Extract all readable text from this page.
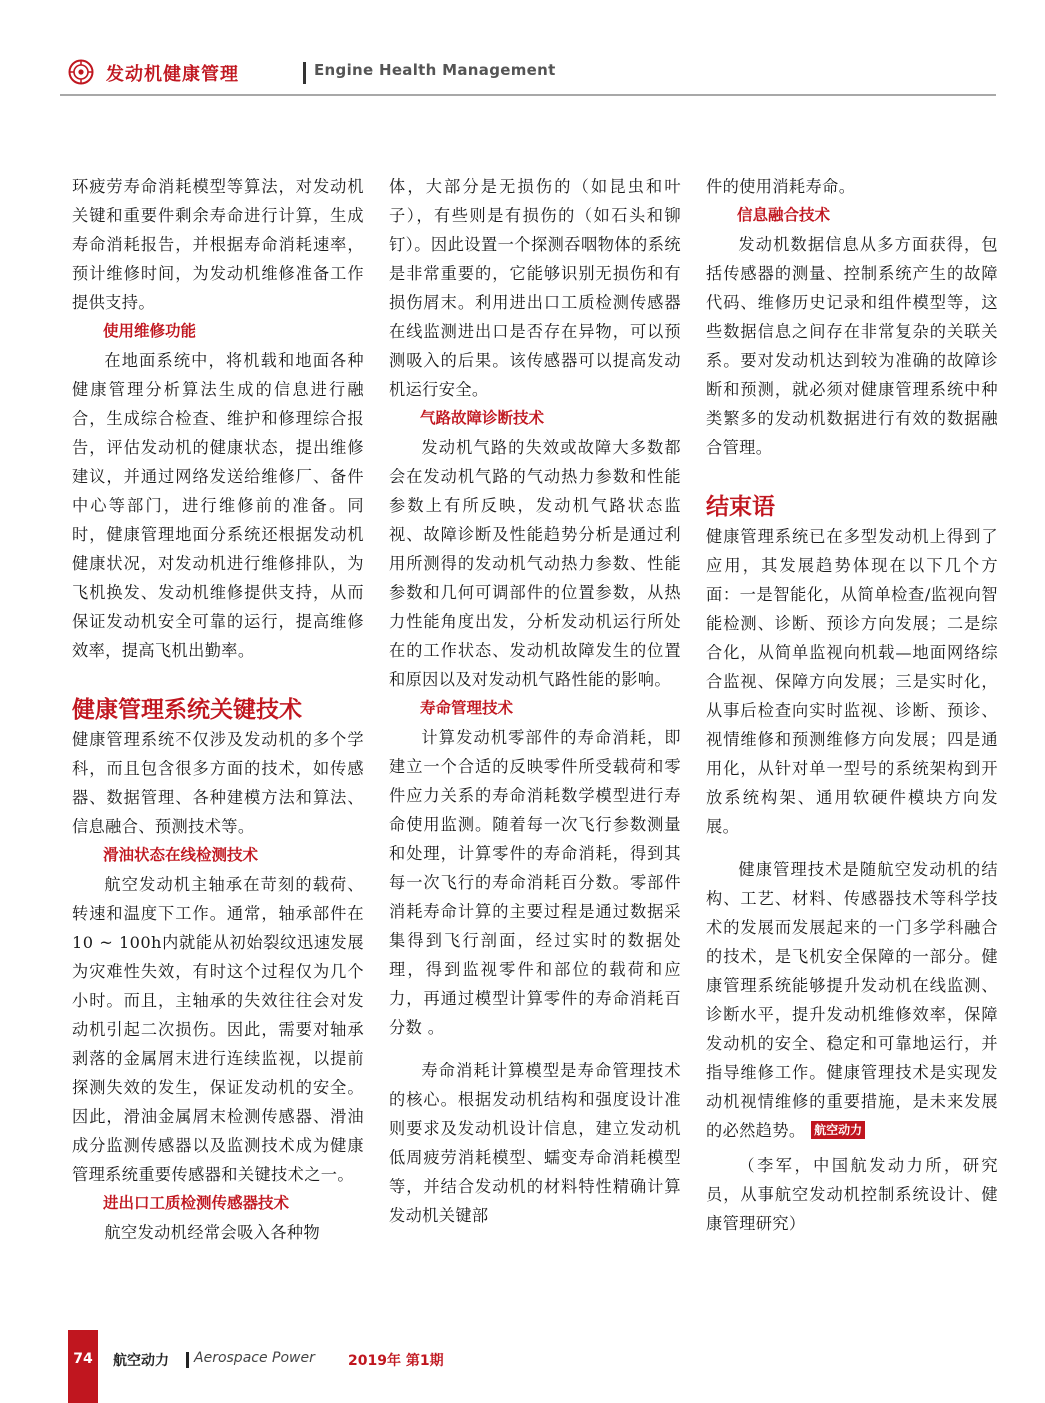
发动机健康管理	Engine Health Management

环疲劳寿命消耗模型等算法，对发动机关键和重要件剩余寿命进行计算，生成寿命消耗报告，并根据寿命消耗速率，预计维修时间，为发动机维修准备工作提供支持。

使用维修功能

在地面系统中，将机载和地面各种健康管理分析算法生成的信息进行融合，生成综合检查、维护和修理综合报告，评估发动机的健康状态，提出维修建议，并通过网络发送给维修厂、备件中心等部门，进行维修前的准备。同时，健康管理地面分系统还根据发动机健康状况，对发动机进行维修排队，为飞机换发、发动机维修提供支持，从而保证发动机安全可靠的运行，提高维修效率，提高飞机出勤率。

健康管理系统关键技术

健康管理系统不仅涉及发动机的多个学科，而且包含很多方面的技术，如传感器、数据管理、各种建模方法和算法、信息融合、预测技术等。

滑油状态在线检测技术

航空发动机主轴承在苛刻的载荷、转速和温度下工作。通常，轴承部件在10 ~ 100h内就能从初始裂纹迅速发展为灾难性失效，有时这个过程仅为几个小时。而且，主轴承的失效往往会对发动机引起二次损伤。因此，需要对轴承剥落的金属屑末进行连续监视，以提前探测失效的发生，保证发动机的安全。因此，滑油金属屑末检测传感器、滑油成分监测传感器以及监测技术成为健康管理系统重要传感器和关键技术之一。

进出口工质检测传感器技术

航空发动机经常会吸入各种物

体，大部分是无损伤的（如昆虫和叶子），有些则是有损伤的（如石头和铆钉）。因此设置一个探测吞咽物体的系统是非常重要的，它能够识别无损伤和有损伤屑末。利用进出口工质检测传感器在线监测进出口是否存在异物，可以预测吸入的后果。该传感器可以提高发动机运行安全。

气路故障诊断技术

发动机气路的失效或故障大多数都会在发动机气路的气动热力参数和性能参数上有所反映，发动机气路状态监视、故障诊断及性能趋势分析是通过利用所测得的发动机气动热力参数、性能参数和几何可调部件的位置参数，从热力性能角度出发，分析发动机运行所处在的工作状态、发动机故障发生的位置和原因以及对发动机气路性能的影响。

寿命管理技术

计算发动机零部件的寿命消耗，即建立一个合适的反映零件所受载荷和零件应力关系的寿命消耗数学模型进行寿命使用监测。随着每一次飞行参数测量和处理，计算零件的寿命消耗，得到其每一次飞行的寿命消耗百分数。零部件消耗寿命计算的主要过程是通过数据采集得到飞行剖面，经过实时的数据处理，得到监视零件和部位的载荷和应力，再通过模型计算零件的寿命消耗百分数 。

寿命消耗计算模型是寿命管理技术的核心。根据发动机结构和强度设计准则要求及发动机设计信息，建立发动机低周疲劳消耗模型、蠕变寿命消耗模型等，并结合发动机的材料特性精确计算发动机关键部

件的使用消耗寿命。

信息融合技术

发动机数据信息从多方面获得，包括传感器的测量、控制系统产生的故障代码、维修历史记录和组件模型等，这些数据信息之间存在非常复杂的关联关系。要对发动机达到较为准确的故障诊断和预测，就必须对健康管理系统中种类繁多的发动机数据进行有效的数据融合管理。

结束语

健康管理系统已在多型发动机上得到了应用，其发展趋势体现在以下几个方面：一是智能化，从简单检查/监视向智能检测、诊断、预诊方向发展；二是综合化，从简单监视向机载—地面网络综合监视、保障方向发展；三是实时化，从事后检查向实时监视、诊断、预诊、视情维修和预测维修方向发展；四是通用化，从针对单一型号的系统架构到开放系统构架、通用软硬件模块方向发展。

健康管理技术是随航空发动机的结构、工艺、材料、传感器技术等科学技术的发展而发展起来的一门多学科融合的技术，是飞机安全保障的一部分。健康管理系统能够提升发动机在线监测、诊断水平，提升发动机维修效率，保障发动机的安全、稳定和可靠地运行，并指导维修工作。健康管理技术是实现发动机视情维修的重要措施，是未来发展的必然趋势。 航空动力

（李军，中国航发动力所，研究员，从事航空发动机控制系统设计、健康管理研究）

74	航空动力 Aerospace Power 2019年 第1期
